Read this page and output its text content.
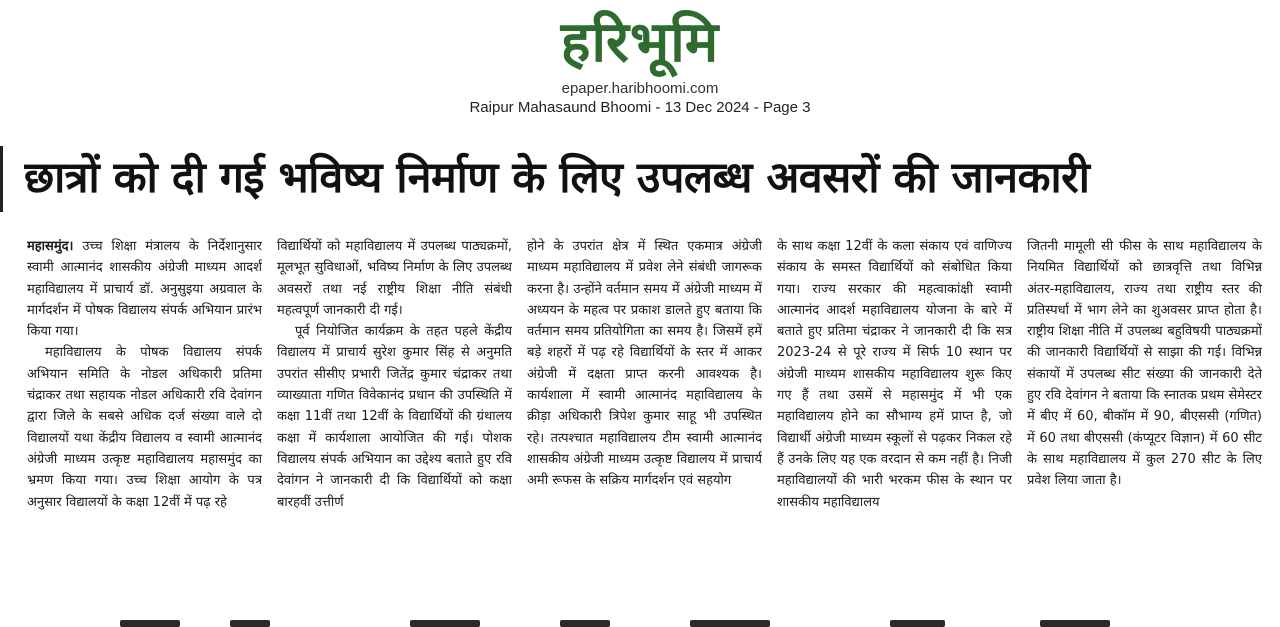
हरिभूमि
epaper.haribhoomi.com
Raipur Mahasaund Bhoomi - 13 Dec 2024 - Page 3
छात्रों को दी गई भविष्य निर्माण के लिए उपलब्ध अवसरों की जानकारी

महासमुंद। उच्च शिक्षा मंत्रालय के निर्देशानुसार स्वामी आत्मानंद शासकीय अंग्रेजी माध्यम आदर्श महाविद्यालय में प्राचार्य डॉ. अनुसुइया अग्रवाल के मार्गदर्शन में पोषक विद्यालय संपर्क अभियान प्रारंभ किया गया।

महाविद्यालय के पोषक विद्यालय संपर्क अभियान समिति के नोडल अधिकारी प्रतिमा चंद्राकर तथा सहायक नोडल अधिकारी रवि देवांगन द्वारा जिले के सबसे अधिक दर्ज संख्या वाले दो विद्यालयों यथा केंद्रीय विद्यालय व स्वामी आत्मानंद अंग्रेजी माध्यम उत्कृष्ट महाविद्यालय महासमुंद का भ्रमण किया गया। उच्च शिक्षा आयोग के पत्र अनुसार विद्यालयों के कक्षा 12वीं में पढ़ रहे

विद्यार्थियों को महाविद्यालय में उपलब्ध पाठ्यक्रमों, मूलभूत सुविधाओं, भविष्य निर्माण के लिए उपलब्ध अवसरों तथा नई राष्ट्रीय शिक्षा नीति संबंधी महत्वपूर्ण जानकारी दी गई।

पूर्व नियोजित कार्यक्रम के तहत पहले केंद्रीय विद्यालय में प्राचार्य सुरेश कुमार सिंह से अनुमति उपरांत सीसीए प्रभारी जितेंद्र कुमार चंद्राकर तथा व्याख्याता गणित विवेकानंद प्रधान की उपस्थिति में कक्षा 11वीं तथा 12वीं के विद्यार्थियों की ग्रंथालय कक्षा में कार्यशाला आयोजित की गई। पोशक विद्यालय संपर्क अभियान का उद्देश्य बताते हुए रवि देवांगन ने जानकारी दी कि विद्यार्थियों को कक्षा बारहवीं उत्तीर्ण

होने के उपरांत क्षेत्र में स्थित एकमात्र अंग्रेजी माध्यम महाविद्यालय में प्रवेश लेने संबंधी जागरूक करना है। उन्होंने वर्तमान समय में अंग्रेजी माध्यम में अध्ययन के महत्व पर प्रकाश डालते हुए बताया कि वर्तमान समय प्रतियोगिता का समय है। जिसमें हमें बड़े शहरों में पढ़ रहे विद्यार्थियों के स्तर में आकर अंग्रेजी में दक्षता प्राप्त करनी आवश्यक है। कार्यशाला में स्वामी आत्मानंद महाविद्यालय के क्रीड़ा अधिकारी त्रिपेश कुमार साहू भी उपस्थित रहे। तत्पश्चात महाविद्यालय टीम स्वामी आत्मानंद शासकीय अंग्रेजी माध्यम उत्कृष्ट विद्यालय में प्राचार्य अमी रूफस के सक्रिय मार्गदर्शन एवं सहयोग

के साथ कक्षा 12वीं के कला संकाय एवं वाणिज्य संकाय के समस्त विद्यार्थियों को संबोधित किया गया। राज्य सरकार की महत्वाकांक्षी स्वामी आत्मानंद आदर्श महाविद्यालय योजना के बारे में बताते हुए प्रतिमा चंद्राकर ने जानकारी दी कि सत्र 2023-24 से पूरे राज्य में सिर्फ 10 स्थान पर अंग्रेजी माध्यम शासकीय महाविद्यालय शुरू किए गए हैं तथा उसमें से महासमुंद में भी एक महाविद्यालय होने का सौभाग्य हमें प्राप्त है, जो विद्यार्थी अंग्रेजी माध्यम स्कूलों से पढ़कर निकल रहे हैं उनके लिए यह एक वरदान से कम नहीं है। निजी महाविद्यालयों की भारी भरकम फीस के स्थान पर शासकीय महाविद्यालय

जितनी मामूली सी फीस के साथ महाविद्यालय के नियमित विद्यार्थियों को छात्रवृत्ति तथा विभिन्न अंतर-महाविद्यालय, राज्य तथा राष्ट्रीय स्तर की प्रतिस्पर्धा में भाग लेने का शुअवसर प्राप्त होता है। राष्ट्रीय शिक्षा नीति में उपलब्ध बहुविषयी पाठ्यक्रमों की जानकारी विद्यार्थियों से साझा की गई। विभिन्न संकायों में उपलब्ध सीट संख्या की जानकारी देते हुए रवि देवांगन ने बताया कि स्नातक प्रथम सेमेस्टर में बीए में 60, बीकॉम में 90, बीएससी (गणित) में 60 तथा बीएससी (कंप्यूटर विज्ञान) में 60 सीट के साथ महाविद्यालय में कुल 270 सीट के लिए प्रवेश लिया जाता है।
